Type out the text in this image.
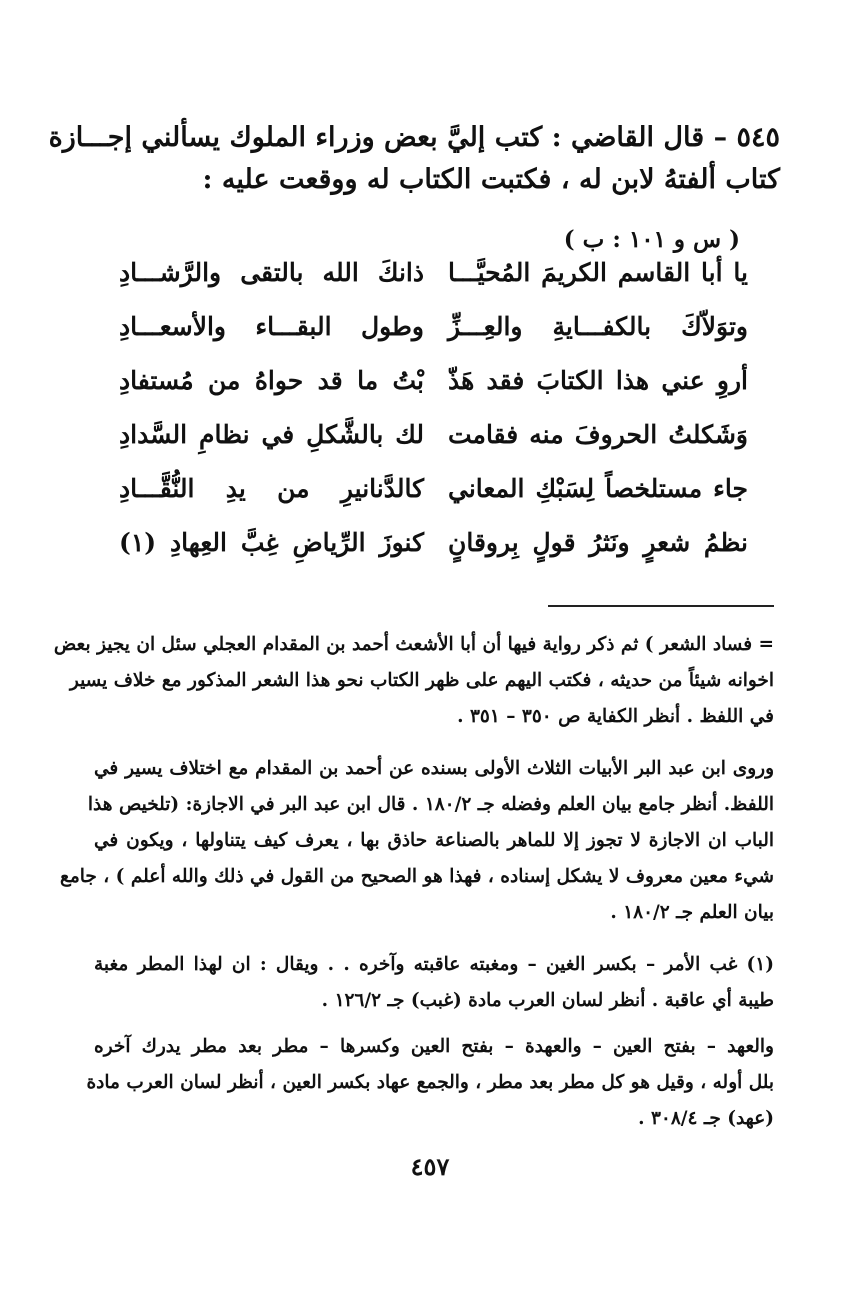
٥٤٥ – قال القاضي : كتب إليَّ بعض وزراء الملوك يسألني إجـــازة
كتاب ألفتهُ لابن له ، فكتبت الكتاب له ووقعت عليه :
( س و ١٠١ : ب )
يا أبا القاسم الكريمَ المُحيَّـــا
ذانكَ الله بالتقى والرَّشـــادِ
وتوَلاّكَ بالكفـــايةِ والعِـــزِّ
وطول البقـــاء والأسعـــادِ
أروِ عني هذا الكتابَ فقد هَذّ
بْتُ ما قد حواهُ من مُستفادِ
وَشَكلتُ الحروفَ منه فقامت
لك بالشَّكلِ في نظامِ السَّدادِ
جاء مستلخصاً لِسَبْكِ المعاني
كالدَّنانيرِ من يدِ النُّقَّـــادِ
نظمُ شعرٍ ونَثرُ قولٍ بِروقانٍ
كنوزَ الرِّياضِ غِبَّ العِهادِ (١)
= فساد الشعر ) ثم ذكر رواية فيها أن أبا الأشعث أحمد بن المقدام العجلي سئل ان يجيز بعض
اخوانه شيئاً من حديثه ، فكتب اليهم على ظهر الكتاب نحو هذا الشعر المذكور مع خلاف يسير
في اللفظ . أنظر الكفاية ص ٣٥٠ – ٣٥١ .
وروى ابن عبد البر الأبيات الثلاث الأولى بسنده عن أحمد بن المقدام مع اختلاف يسير في
اللفظ. أنظر جامع بيان العلم وفضله جـ ١٨٠/٢ . قال ابن عبد البر في الاجازة: (تلخيص هذا
الباب ان الاجازة لا تجوز إلا للماهر بالصناعة حاذق بها ، يعرف كيف يتناولها ، ويكون في
شيء معين معروف لا يشكل إسناده ، فهذا هو الصحيح من القول في ذلك والله أعلم ) ، جامع
بيان العلم جـ ١٨٠/٢ .
(١) غب الأمر – بكسر الغين – ومغبته عاقبته وآخره . . ويقال : ان لهذا المطر مغبة
طيبة أي عاقبة . أنظر لسان العرب مادة (غبب) جـ ١٢٦/٢ .
والعهد – بفتح العين – والعهدة – بفتح العين وكسرها – مطر بعد مطر يدرك آخره
بلل أوله ، وقيل هو كل مطر بعد مطر ، والجمع عهاد بكسر العين ، أنظر لسان العرب مادة
(عهد) جـ ٣٠٨/٤ .
٤٥٧
